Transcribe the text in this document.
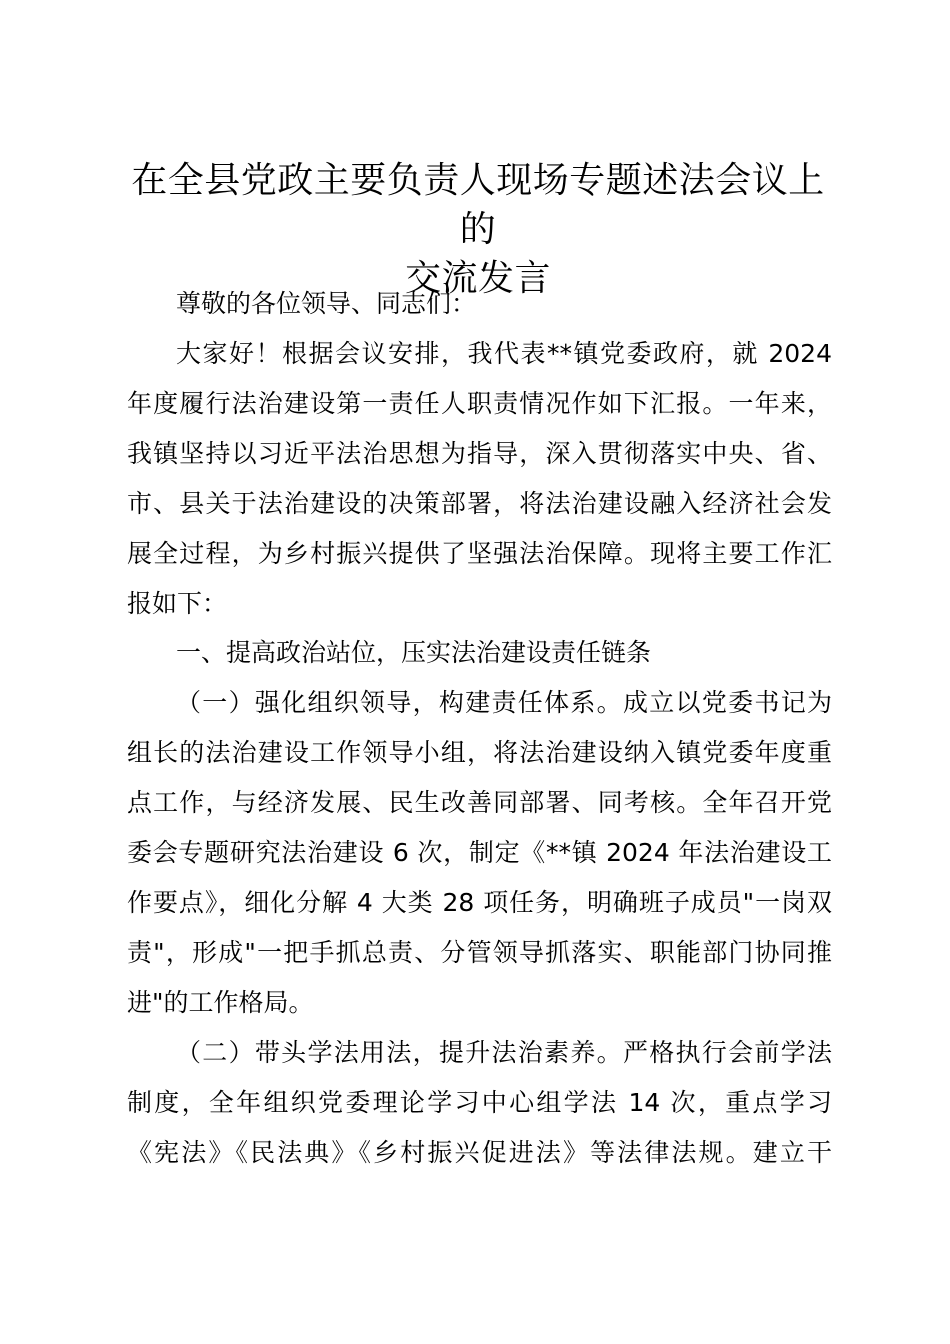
在全县党政主要负责人现场专题述法会议上的
交流发言
尊敬的各位领导、同志们：
大家好！根据会议安排，我代表**镇党委政府，就 2024
年度履行法治建设第一责任人职责情况作如下汇报。一年来，
我镇坚持以习近平法治思想为指导，深入贯彻落实中央、省、
市、县关于法治建设的决策部署，将法治建设融入经济社会发
展全过程，为乡村振兴提供了坚强法治保障。现将主要工作汇
报如下：
一、提高政治站位，压实法治建设责任链条
（一）强化组织领导，构建责任体系。成立以党委书记为
组长的法治建设工作领导小组，将法治建设纳入镇党委年度重
点工作，与经济发展、民生改善同部署、同考核。全年召开党
委会专题研究法治建设 6 次，制定《**镇 2024 年法治建设工
作要点》，细化分解 4 大类 28 项任务，明确班子成员"一岗双
责"，形成"一把手抓总责、分管领导抓落实、职能部门协同推
进"的工作格局。
（二）带头学法用法，提升法治素养。严格执行会前学法
制度，全年组织党委理论学习中心组学法 14 次，重点学习
《宪法》《民法典》《乡村振兴促进法》等法律法规。建立干
